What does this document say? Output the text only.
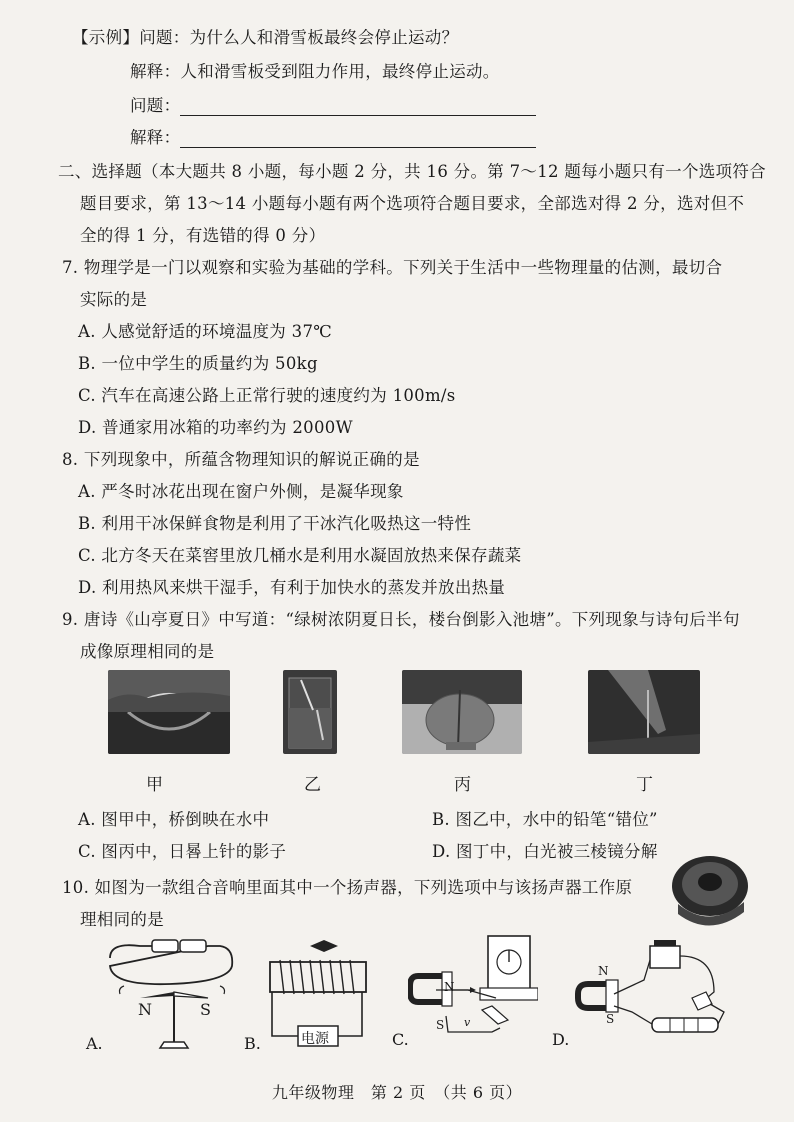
【示例】问题：为什么人和滑雪板最终会停止运动？
解释：人和滑雪板受到阻力作用，最终停止运动。
问题：
解释：
二、选择题（本大题共 8 小题，每小题 2 分，共 16 分。第 7～12 题每小题只有一个选项符合
题目要求，第 13～14 小题每小题有两个选项符合题目要求，全部选对得 2 分，选对但不
全的得 1 分，有选错的得 0 分）
7. 物理学是一门以观察和实验为基础的学科。下列关于生活中一些物理量的估测，最切合
实际的是
A. 人感觉舒适的环境温度为 37℃
B. 一位中学生的质量约为 50kg
C. 汽车在高速公路上正常行驶的速度约为 100m/s
D. 普通家用冰箱的功率约为 2000W
8. 下列现象中，所蕴含物理知识的解说正确的是
A. 严冬时冰花出现在窗户外侧，是凝华现象
B. 利用干冰保鲜食物是利用了干冰汽化吸热这一特性
C. 北方冬天在菜窖里放几桶水是利用水凝固放热来保存蔬菜
D. 利用热风来烘干湿手，有利于加快水的蒸发并放出热量
9. 唐诗《山亭夏日》中写道：“绿树浓阴夏日长，楼台倒影入池塘”。下列现象与诗句后半句
成像原理相同的是
甲	乙	丙	丁
A. 图甲中，桥倒映在水中	B. 图乙中，水中的铅笔“错位”
C. 图丙中，日晷上针的影子	D. 图丁中，白光被三棱镜分解
10. 如图为一款组合音响里面其中一个扬声器，下列选项中与该扬声器工作原
理相同的是
N	S
电源
N
S v
N
S
A.	B.	C.	D.
九年级物理　第 2 页　（共 6 页）
